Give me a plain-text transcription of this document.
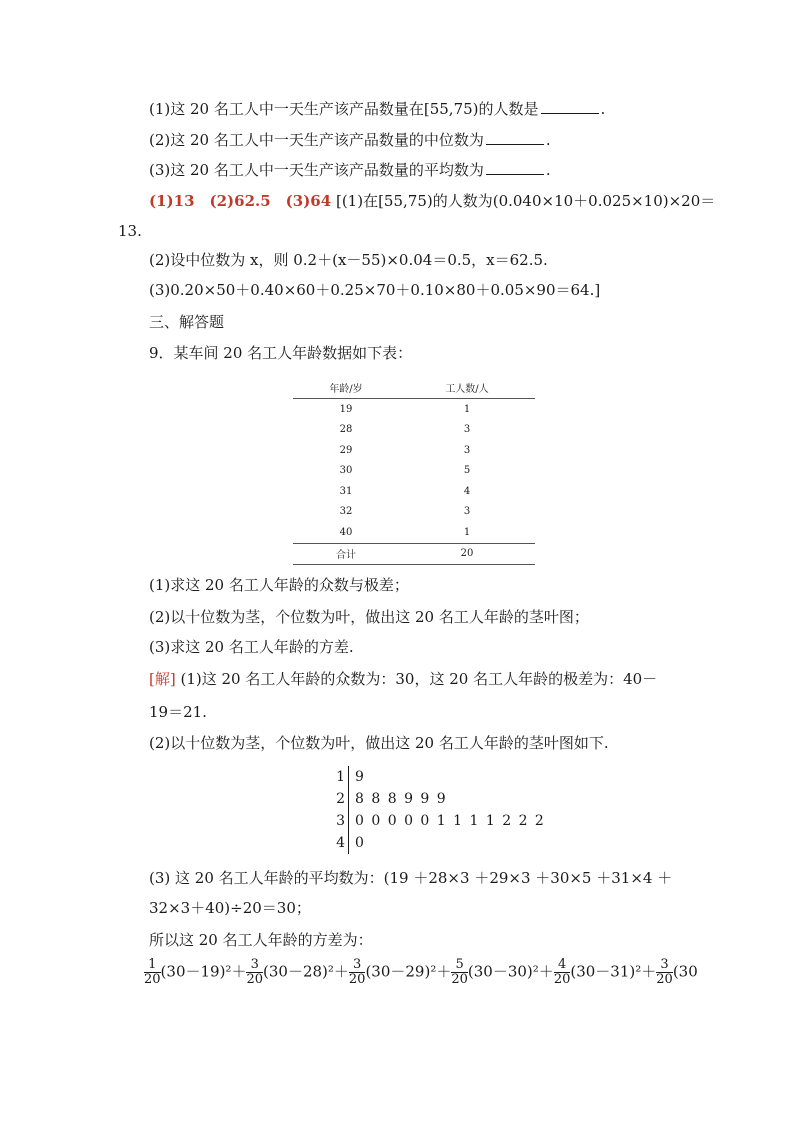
(1)这 20 名工人中一天生产该产品数量在[55,75)的人数是	.
(2)这 20 名工人中一天生产该产品数量的中位数为	.
(3)这 20 名工人中一天生产该产品数量的平均数为	.
(1)13　(2)62.5　(3)64 [(1)在[55,75)的人数为(0.040×10＋0.025×10)×20＝
13.
(2)设中位数为 x，则 0.2＋(x－55)×0.04＝0.5，x＝62.5.
(3)0.20×50＋0.40×60＋0.25×70＋0.10×80＋0.05×90＝64.]
三、解答题
9．某车间 20 名工人年龄数据如下表：
年龄/岁	工人数/人
19	1
28	3
29	3
30	5
31	4
32	3
40	1
合计	20
(1)求这 20 名工人年龄的众数与极差；
(2)以十位数为茎，个位数为叶，做出这 20 名工人年龄的茎叶图；
(3)求这 20 名工人年龄的方差.
[解] (1)这 20 名工人年龄的众数为：30，这 20 名工人年龄的极差为：40－
19＝21.
(2)以十位数为茎，个位数为叶，做出这 20 名工人年龄的茎叶图如下.
1 9
2 8 8 8 9 9 9
3 0 0 0 0 0 1 1 1 1 2 2 2
4 0
(3) 这 20 名工人年龄的平均数为：(19 ＋28×3 ＋29×3 ＋30×5 ＋31×4 ＋
32×3＋40)÷20＝30；
所以这 20 名工人年龄的方差为：
$\frac{1}{20} (30-19)^2+ \frac{3}{20} (30-28)^2+ \frac{3}{20} (30-29)^2+ \frac{5}{20} (30-30)^2+ \frac{4}{20} (30-31)^2+ \frac{3}{20} (30$
